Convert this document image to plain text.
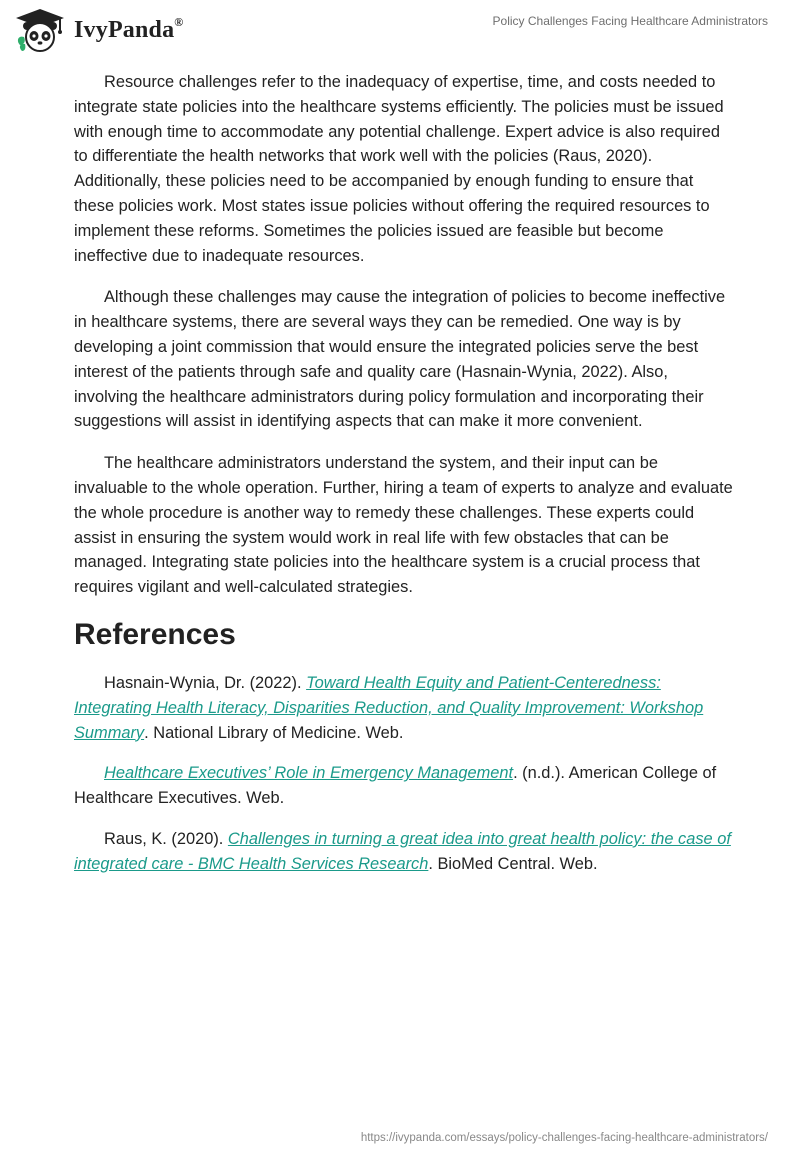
IvyPanda®	Policy Challenges Facing Healthcare Administrators

Resource challenges refer to the inadequacy of expertise, time, and costs needed to integrate state policies into the healthcare systems efficiently. The policies must be issued with enough time to accommodate any potential challenge. Expert advice is also required to differentiate the health networks that work well with the policies (Raus, 2020). Additionally, these policies need to be accompanied by enough funding to ensure that these policies work. Most states issue policies without offering the required resources to implement these reforms. Sometimes the policies issued are feasible but become ineffective due to inadequate resources.

Although these challenges may cause the integration of policies to become ineffective in healthcare systems, there are several ways they can be remedied. One way is by developing a joint commission that would ensure the integrated policies serve the best interest of the patients through safe and quality care (Hasnain-Wynia, 2022). Also, involving the healthcare administrators during policy formulation and incorporating their suggestions will assist in identifying aspects that can make it more convenient.

The healthcare administrators understand the system, and their input can be invaluable to the whole operation. Further, hiring a team of experts to analyze and evaluate the whole procedure is another way to remedy these challenges. These experts could assist in ensuring the system would work in real life with few obstacles that can be managed. Integrating state policies into the healthcare system is a crucial process that requires vigilant and well-calculated strategies.

References

Hasnain-Wynia, Dr. (2022). Toward Health Equity and Patient-Centeredness: Integrating Health Literacy, Disparities Reduction, and Quality Improvement: Workshop Summary. National Library of Medicine. Web.

Healthcare Executives’ Role in Emergency Management. (n.d.). American College of Healthcare Executives. Web.

Raus, K. (2020). Challenges in turning a great idea into great health policy: the case of integrated care - BMC Health Services Research. BioMed Central. Web.

https://ivypanda.com/essays/policy-challenges-facing-healthcare-administrators/
